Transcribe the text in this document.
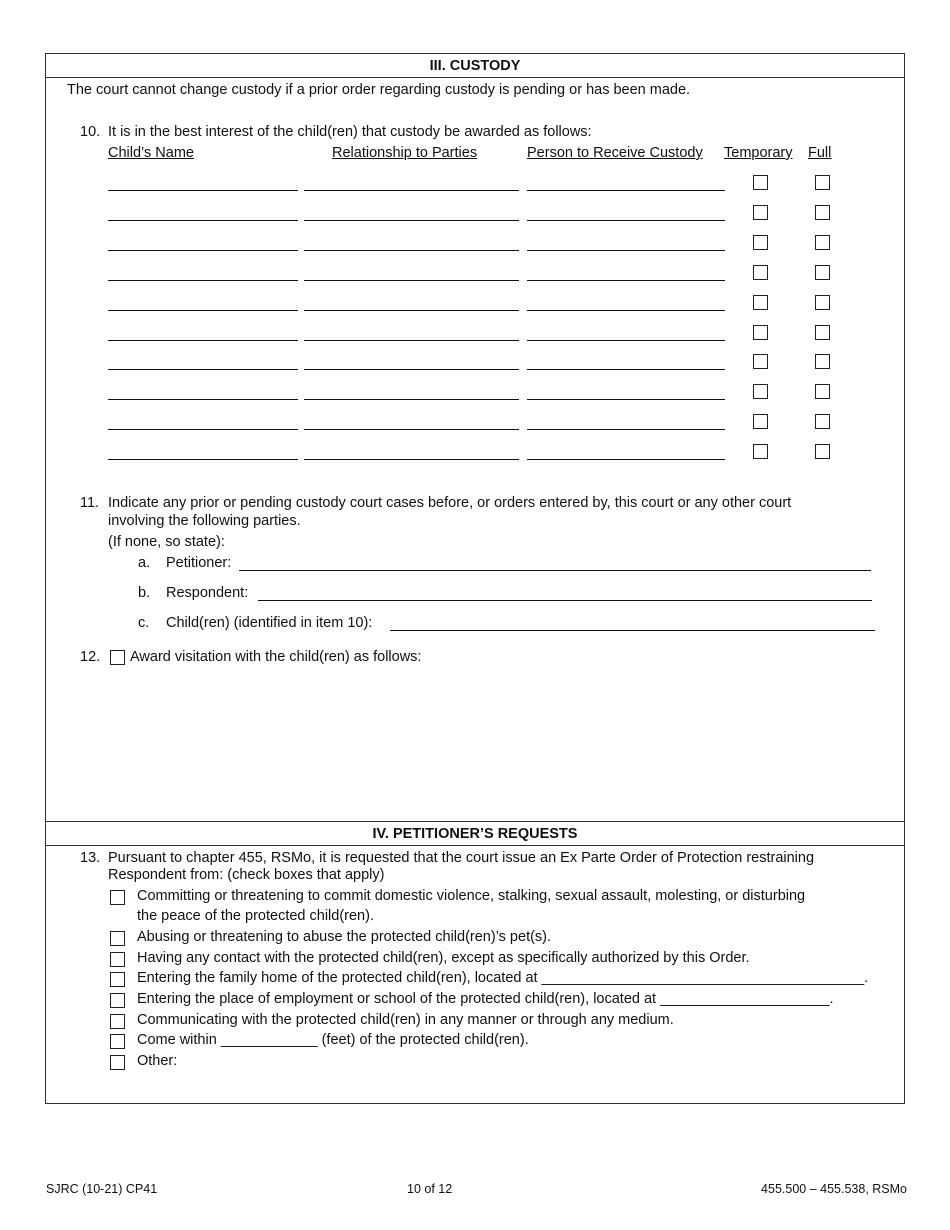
III. CUSTODY
The court cannot change custody if a prior order regarding custody is pending or has been made.
10. It is in the best interest of the child(ren) that custody be awarded as follows:
Child’s Name	Relationship to Parties	Person to Receive Custody Temporary Full
11. Indicate any prior or pending custody court cases before, or orders entered by, this court or any other court
involving the following parties.
(If none, so state):
a. Petitioner:
b. Respondent:
c. Child(ren) (identified in item 10):
12. Award visitation with the child(ren) as follows:
IV. PETITIONER’S REQUESTS
13. Pursuant to chapter 455, RSMo, it is requested that the court issue an Ex Parte Order of Protection restraining
Respondent from: (check boxes that apply)
Committing or threatening to commit domestic violence, stalking, sexual assault, molesting, or disturbing
the peace of the protected child(ren).
Abusing or threatening to abuse the protected child(ren)’s pet(s).
Having any contact with the protected child(ren), except as specifically authorized by this Order.
Entering the family home of the protected child(ren), located at ________________________________________.
Entering the place of employment or school of the protected child(ren), located at _____________________.
Communicating with the protected child(ren) in any manner or through any medium.
Come within ____________ (feet) of the protected child(ren).
Other:
SJRC (10-21) CP41	10 of 12	455.500 – 455.538, RSMo
